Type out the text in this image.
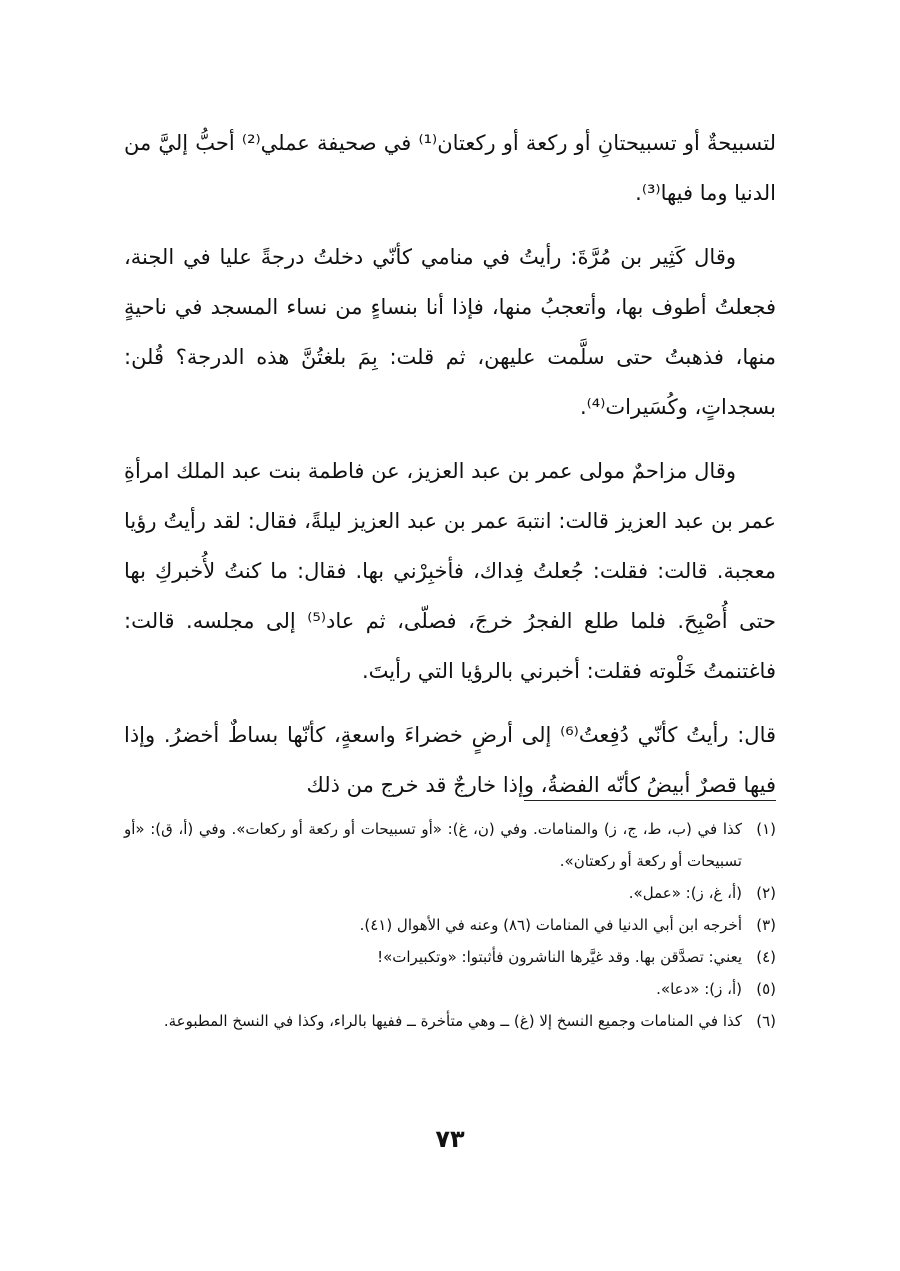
لتسبيحةٌ أو تسبيحتانِ أو ركعة أو ركعتان⁽¹⁾ في صحيفة عملي⁽²⁾ أحبُّ إليَّ من الدنيا وما فيها⁽³⁾.

وقال كَثِير بن مُرَّةَ: رأيتُ في منامي كأنّي دخلتُ درجةً عليا في الجنة، فجعلتُ أطوف بها، وأتعجبُ منها، فإذا أنا بنساءٍ من نساء المسجد في ناحيةٍ منها، فذهبتُ حتى سلَّمت عليهن، ثم قلت: بِمَ بلغتُنَّ هذه الدرجة؟ قُلن: بسجداتٍ، وكُسَيرات⁽⁴⁾.

وقال مزاحمٌ مولى عمر بن عبد العزيز، عن فاطمة بنت عبد الملك امرأةِ عمر بن عبد العزيز قالت: انتبهَ عمر بن عبد العزيز ليلةً، فقال: لقد رأيتُ رؤيا معجبة. قالت: فقلت: جُعلتُ فِداك، فأخبِرْني بها. فقال: ما كنتُ لأُخبركِ بها حتى أُصْبِحَ. فلما طلع الفجرُ خرجَ، فصلّى، ثم عاد⁽⁵⁾ إلى مجلسه. قالت: فاغتنمتُ خَلْوته فقلت: أخبرني بالرؤيا التي رأيتَ.

قال: رأيتُ كأنّي دُفِعتُ⁽⁶⁾ إلى أرضٍ خضراءَ واسعةٍ، كأنّها بساطٌ أخضرُ. وإذا فيها قصرٌ أبيضُ كأنّه الفضةُ، وإذا خارجٌ قد خرج من ذلك

(١)
كذا في (ب، ط، ج، ز) والمنامات. وفي (ن، غ): «أو تسبيحات أو ركعة أو ركعات». وفي (أ، ق): «أو تسبيحات أو ركعة أو ركعتان».
(٢)
(أ، غ، ز): «عمل».
(٣)
أخرجه ابن أبي الدنيا في المنامات (٨٦) وعنه في الأهوال (٤١).
(٤)
يعني: تصدَّقن بها. وقد غيَّرها الناشرون فأثبتوا: «وتكبيرات»!
(٥)
(أ، ز): «دعا».
(٦)
كذا في المنامات وجميع النسخ إلا (غ) ــ وهي متأخرة ــ ففيها بالراء، وكذا في النسخ المطبوعة.
٧٣
